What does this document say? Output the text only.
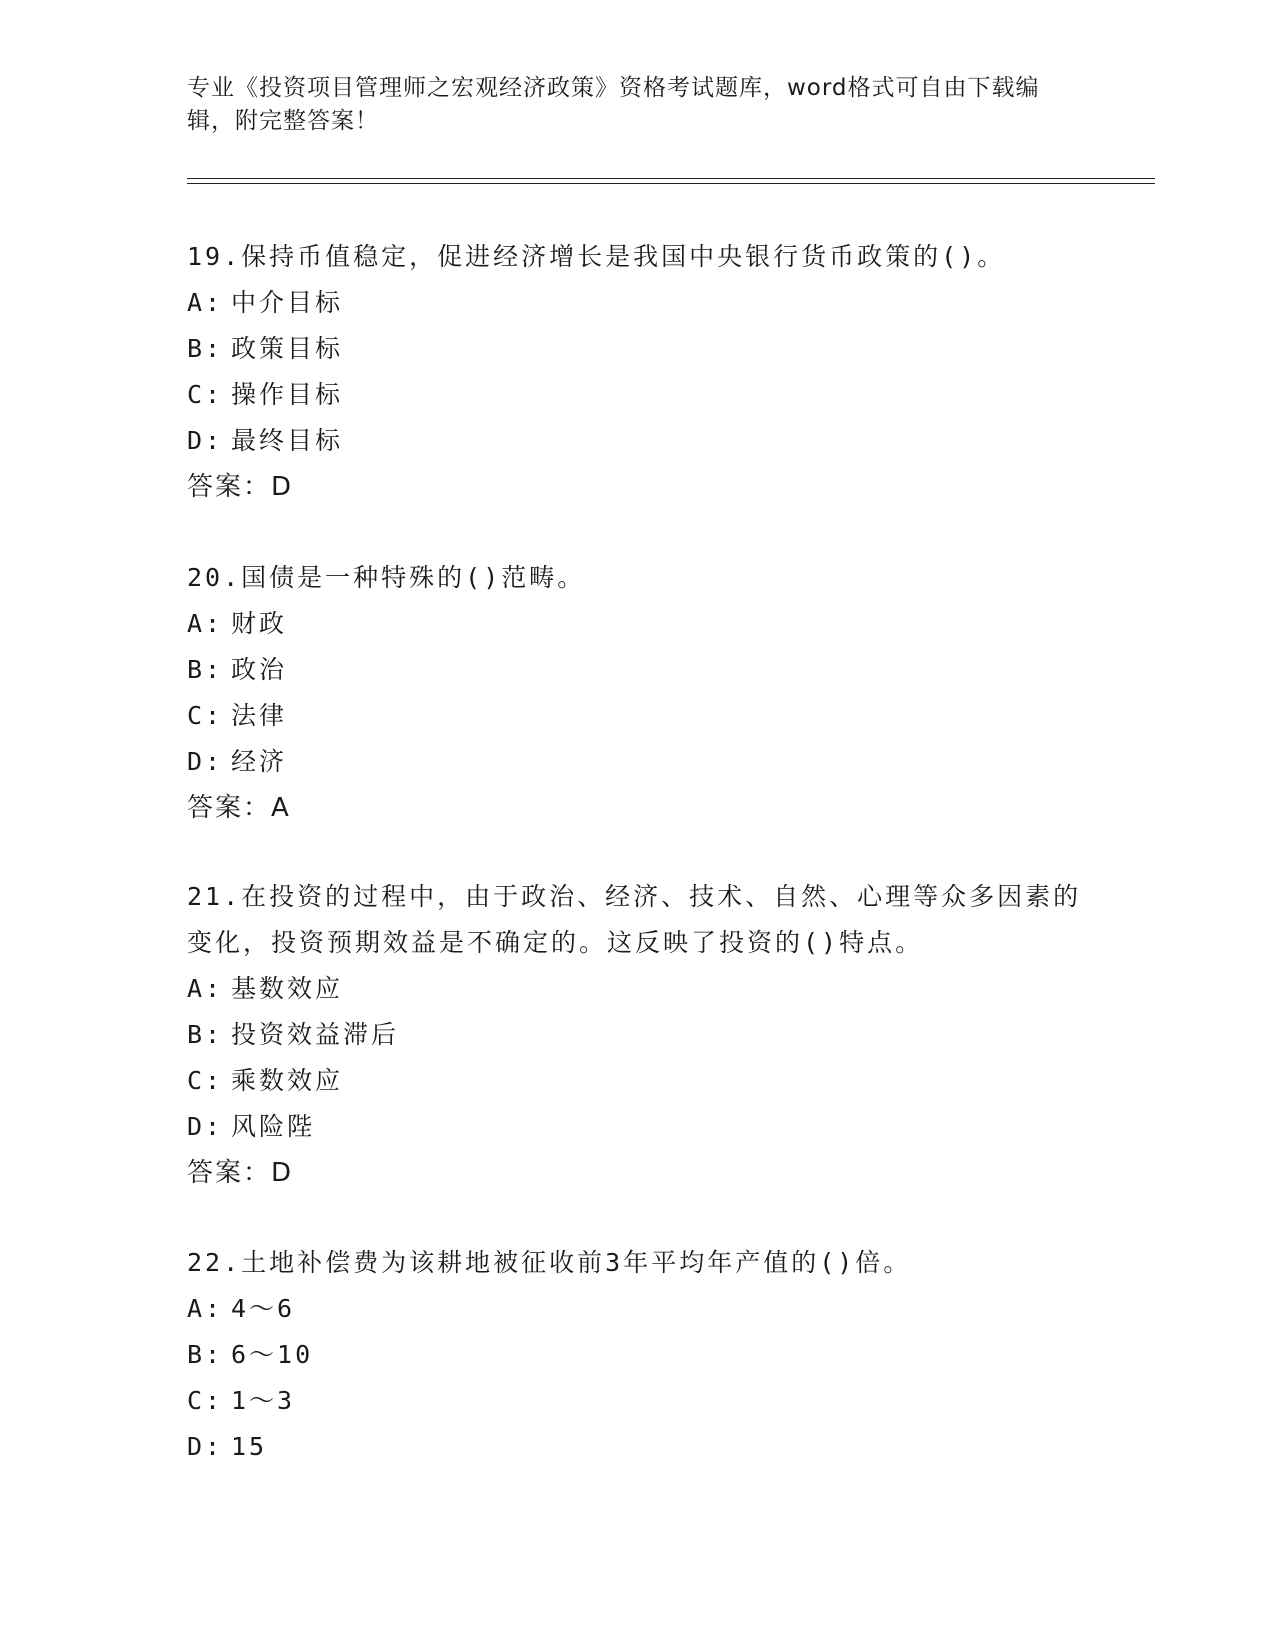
专业《投资项目管理师之宏观经济政策》资格考试题库，word格式可自由下载编辑，附完整答案！
19.保持币值稳定，促进经济增长是我国中央银行货币政策的()。
A: 中介目标
B: 政策目标
C: 操作目标
D: 最终目标
答案：D
20.国债是一种特殊的()范畴。
A: 财政
B: 政治
C: 法律
D: 经济
答案：A
21.在投资的过程中，由于政治、经济、技术、自然、心理等众多因素的变化，投资预期效益是不确定的。这反映了投资的()特点。
A: 基数效应
B: 投资效益滞后
C: 乘数效应
D: 风险陛
答案：D
22.土地补偿费为该耕地被征收前3年平均年产值的()倍。
A: 4～6
B: 6～10
C: 1～3
D: 15
